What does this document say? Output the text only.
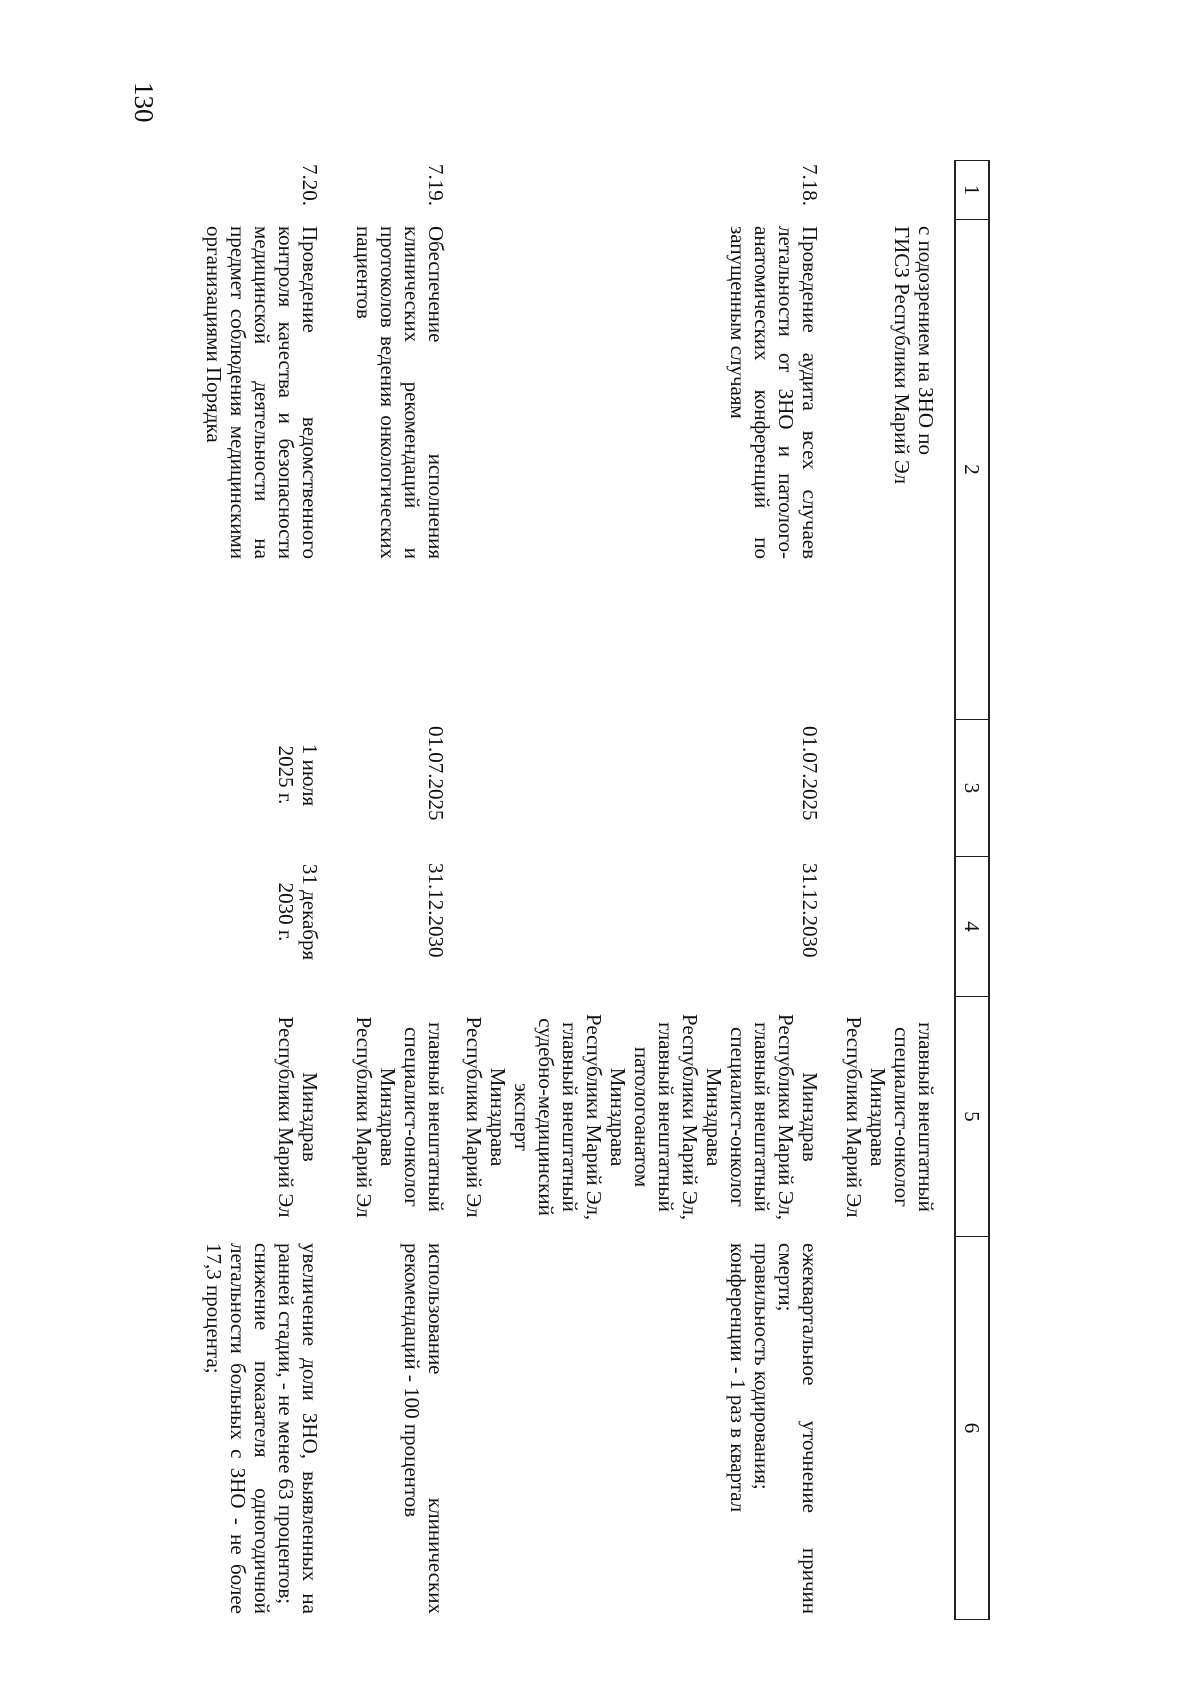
130
1
2
3
4
5
6
с подозрением на ЗНО по ГИСЗ Республики Марий Эл

главный внештатный

специалист-онколог

Минздрава

Республики Марий Эл

7.18.
Проведение аудита всех случаев летальности от ЗНО и патолого-анатомических конференций по запущенным случаям
01.07.2025
31.12.2030

Минздрав

Республики Марий Эл,

главный внештатный

специалист-онколог

Минздрава

Республики Марий Эл,

главный внештатный

патологоанатом

Минздрава

Республики Марий Эл,

главный внештатный

судебно-медицинский

эксперт

Минздрава

Республики Марий Эл

ежеквартальное уточнение причин смерти;

правильность кодирования;

конференции - 1 раз в квартал

7.19.
Обеспечение исполнения клинических рекомендаций и протоколов ведения онкологических пациентов
01.07.2025
31.12.2030

главный внештатный

специалист-онколог

Минздрава

Республики Марий Эл

использование клинических рекомендаций - 100 процентов

7.20.
Проведение ведомственного контроля качества и безопасности медицинской деятельности на предмет соблюдения медицинскими организациями Порядка
1 июля 2025 г.
31 декабря 2030 г.

Минздрав

Республики Марий Эл

увеличение доли ЗНО, выявленных на ранней стадии, - не менее 63 процентов;

снижение показателя одногодичной летальности больных с ЗНО - не более 17,3 процента;
